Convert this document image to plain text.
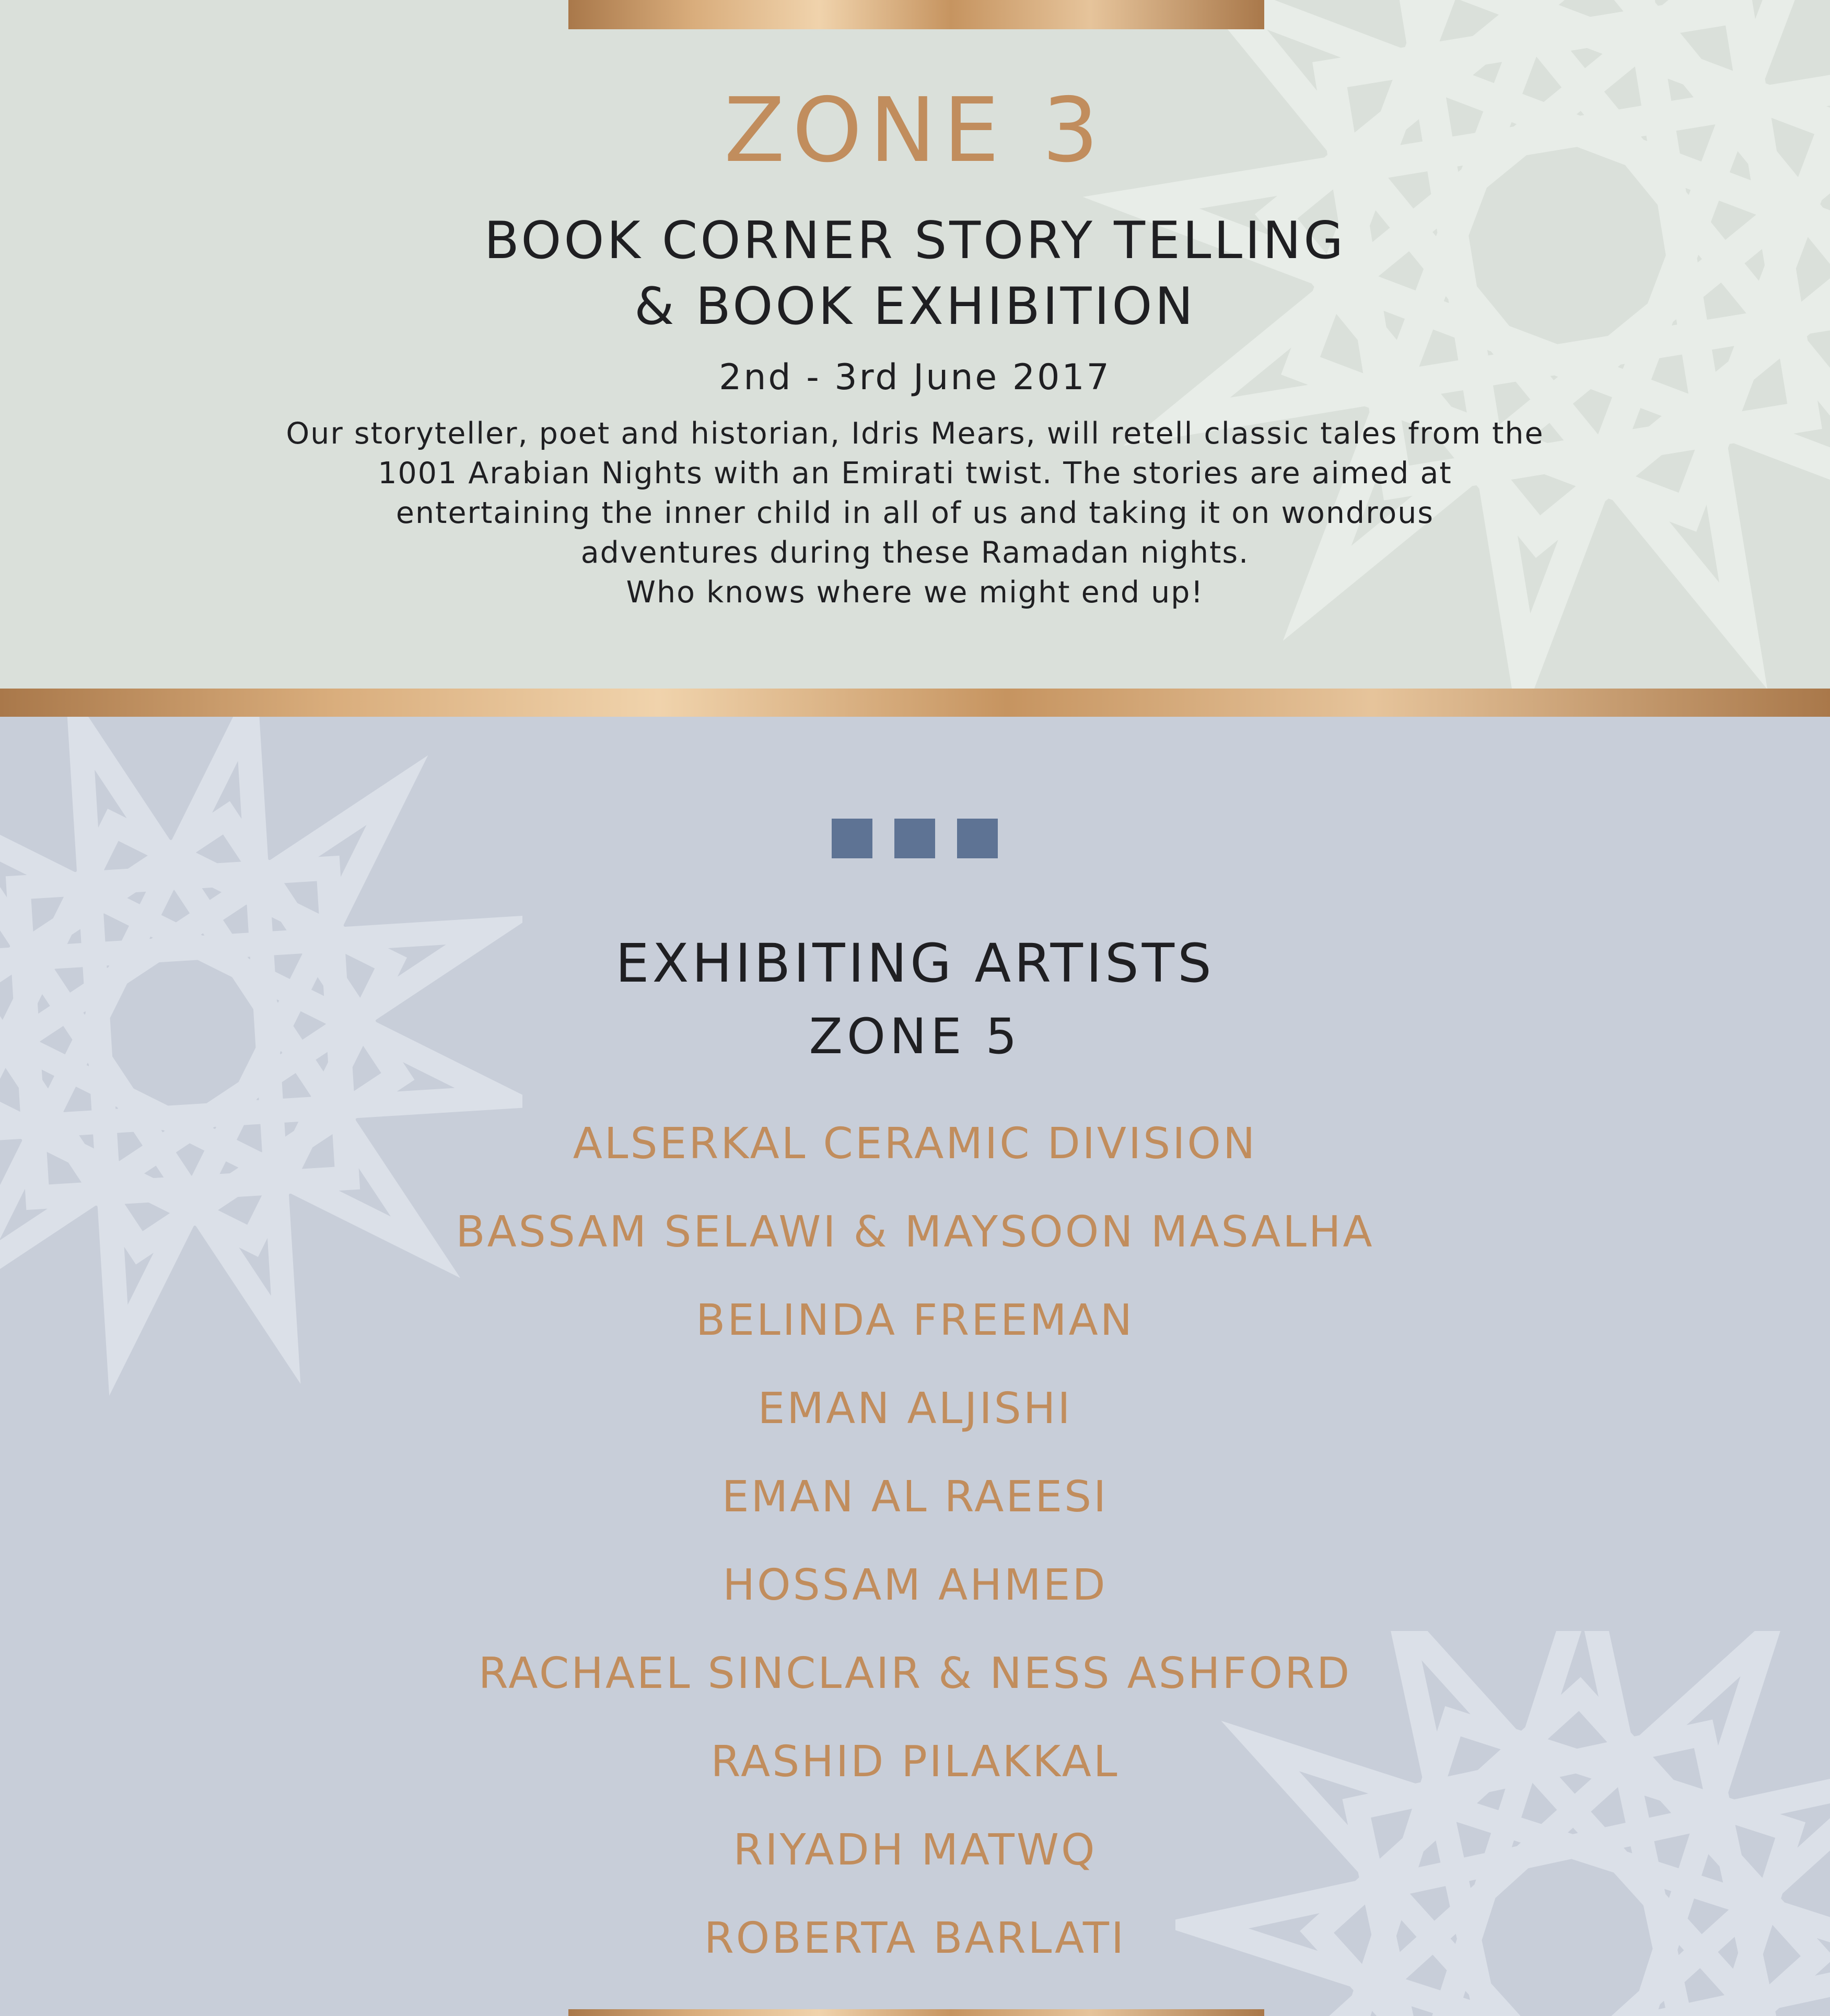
ZONE 3
BOOK CORNER STORY TELLING
& BOOK EXHIBITION
2nd - 3rd June 2017

Our storyteller, poet and historian, Idris Mears, will retell classic tales from the
1001 Arabian Nights with an Emirati twist. The stories are aimed at
entertaining the inner child in all of us and taking it on wondrous
adventures during these Ramadan nights.
Who knows where we might end up!

EXHIBITING ARTISTS
ZONE 5
ALSERKAL CERAMIC DIVISION
BASSAM SELAWI & MAYSOON MASALHA
BELINDA FREEMAN
EMAN ALJISHI
EMAN AL RAEESI
HOSSAM AHMED
RACHAEL SINCLAIR & NESS ASHFORD
RASHID PILAKKAL
RIYADH MATWQ
ROBERTA BARLATI
